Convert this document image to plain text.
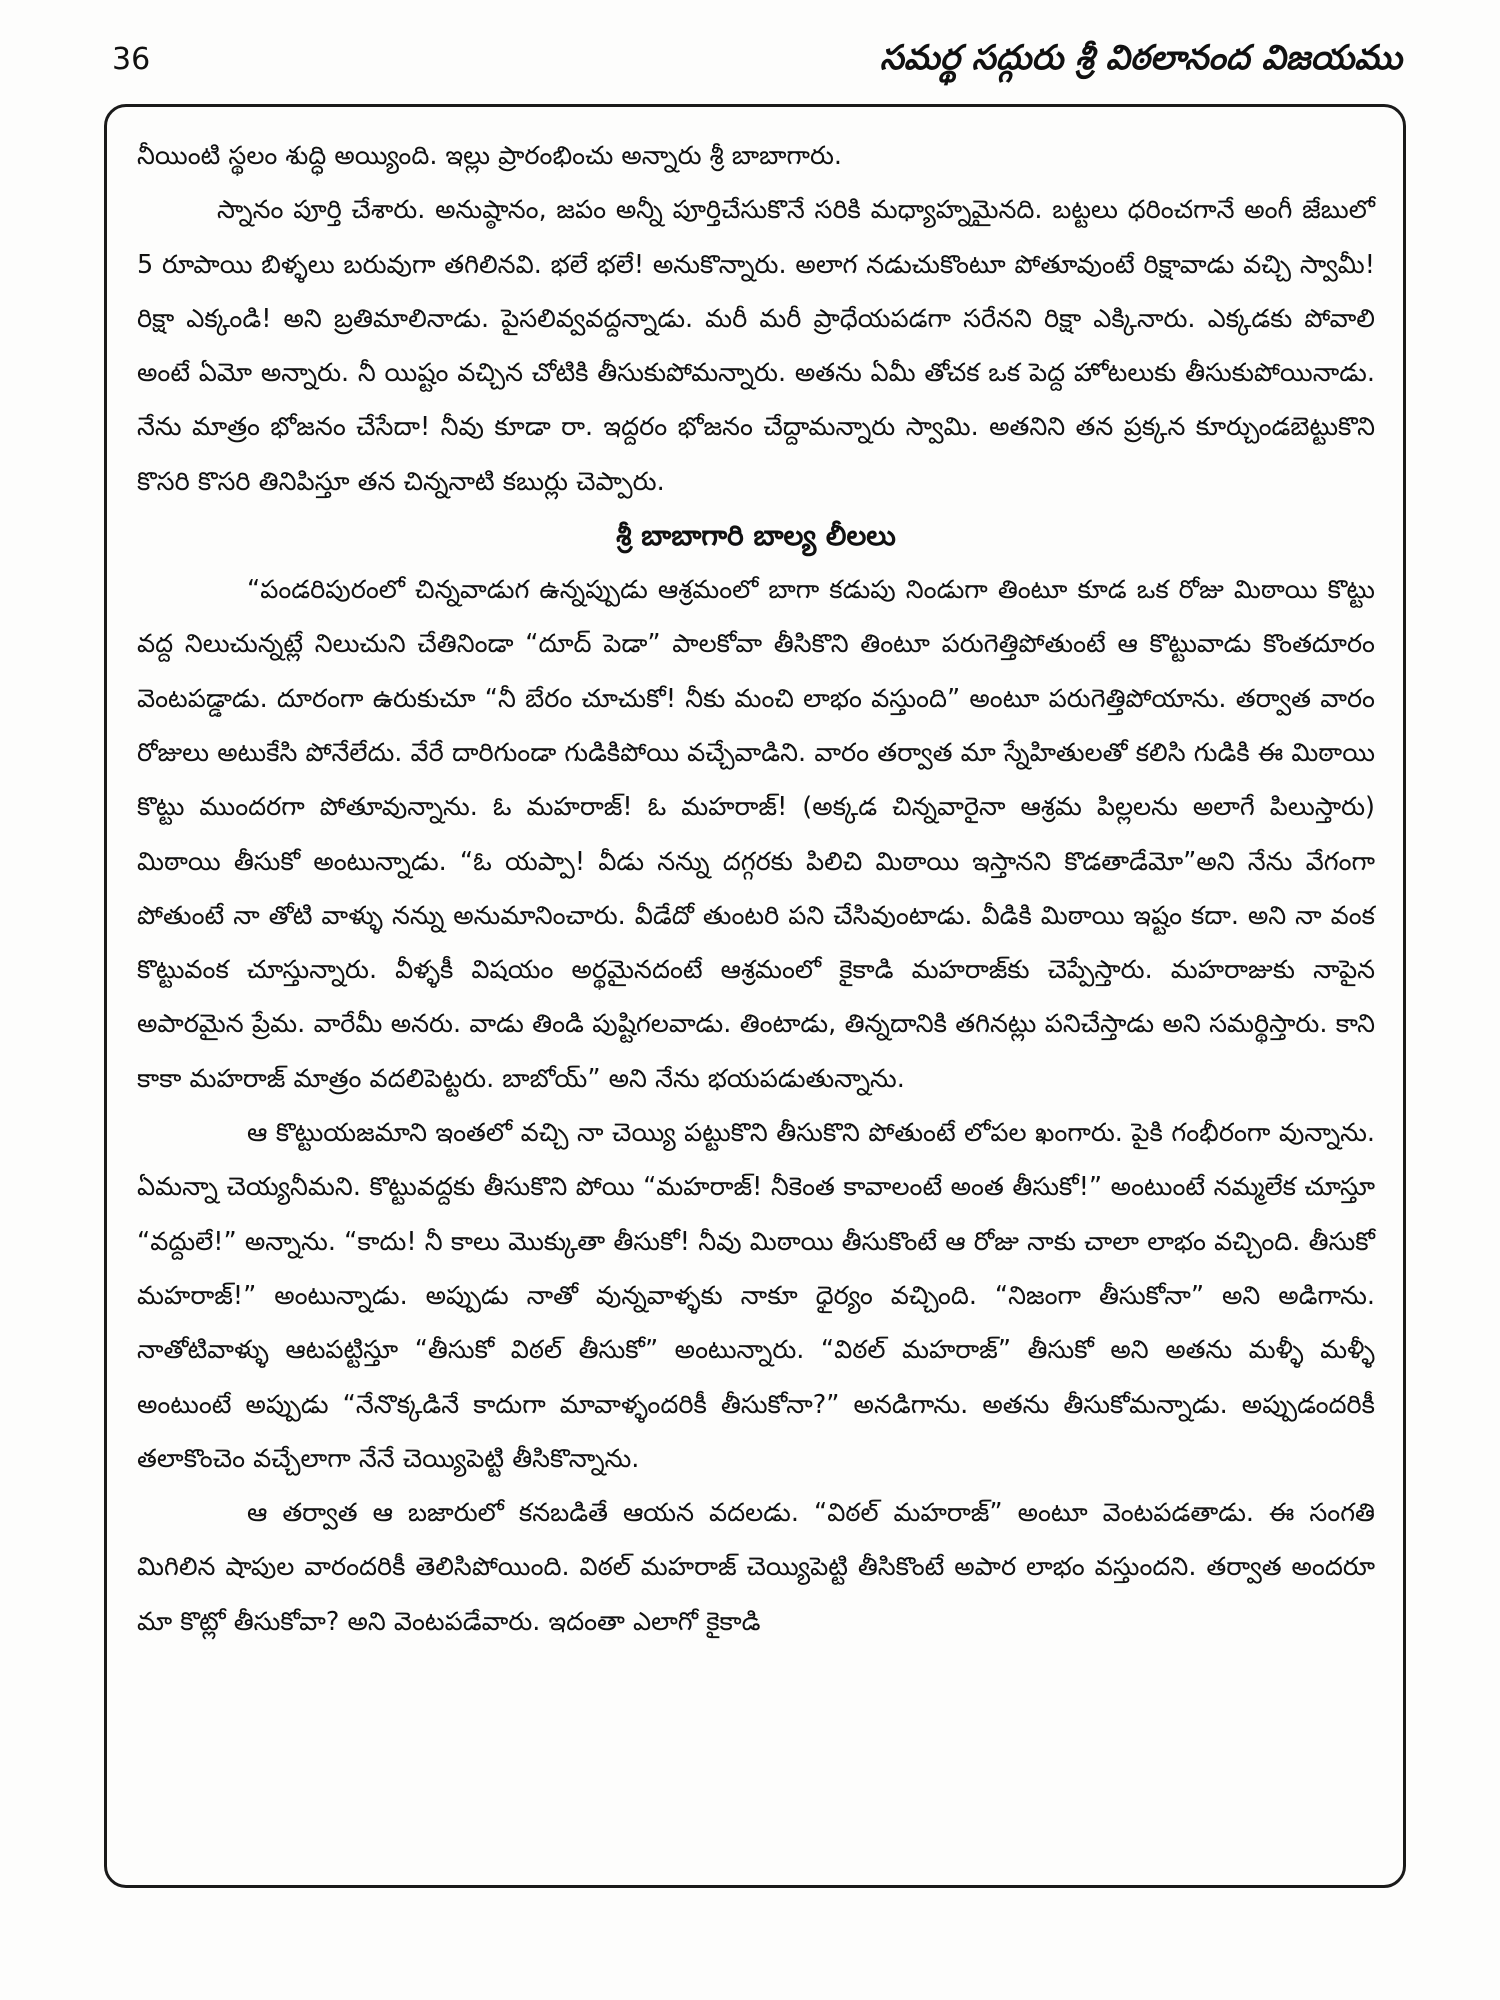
36	సమర్థ సద్గురు శ్రీ విఠలానంద విజయము

నీయింటి స్థలం శుద్ధి అయ్యింది. ఇల్లు ప్రారంభించు అన్నారు శ్రీ బాబాగారు.

స్నానం పూర్తి చేశారు. అనుష్ఠానం, జపం అన్నీ పూర్తిచేసుకొనే సరికి మధ్యాహ్నమైనది. బట్టలు ధరించగానే అంగీ జేబులో 5 రూపాయి బిళ్ళలు బరువుగా తగిలినవి. భలే భలే! అనుకొన్నారు. అలాగ నడుచుకొంటూ పోతూవుంటే రిక్షావాడు వచ్చి స్వామీ! రిక్షా ఎక్కండి! అని బ్రతిమాలినాడు. పైసలివ్వవద్దన్నాడు. మరీ మరీ ప్రాధేయపడగా సరేనని రిక్షా ఎక్కినారు. ఎక్కడకు పోవాలి అంటే ఏమో అన్నారు. నీ యిష్టం వచ్చిన చోటికి తీసుకుపోమన్నారు. అతను ఏమీ తోచక ఒక పెద్ద హోటలుకు తీసుకుపోయినాడు. నేను మాత్రం భోజనం చేసేదా! నీవు కూడా రా. ఇద్దరం భోజనం చేద్దామన్నారు స్వామి. అతనిని తన ప్రక్కన కూర్చుండబెట్టుకొని కొసరి కొసరి తినిపిస్తూ తన చిన్ననాటి కబుర్లు చెప్పారు.

శ్రీ బాబాగారి బాల్య లీలలు

“పండరిపురంలో చిన్నవాడుగ ఉన్నప్పుడు ఆశ్రమంలో బాగా కడుపు నిండుగా తింటూ కూడ ఒక రోజు మిఠాయి కొట్టు వద్ద నిలుచున్నట్లే నిలుచుని చేతినిండా “దూద్ పెడా” పాలకోవా తీసికొని తింటూ పరుగెత్తిపోతుంటే ఆ కొట్టువాడు కొంతదూరం వెంటపడ్డాడు. దూరంగా ఉరుకుచూ “నీ బేరం చూచుకో! నీకు మంచి లాభం వస్తుంది” అంటూ పరుగెత్తిపోయాను. తర్వాత వారం రోజులు అటుకేసి పోనేలేదు. వేరే దారిగుండా గుడికిపోయి వచ్చేవాడిని. వారం తర్వాత మా స్నేహితులతో కలిసి గుడికి ఈ మిఠాయి కొట్టు ముందరగా పోతూవున్నాను. ఓ మహరాజ్! ఓ మహరాజ్! (అక్కడ చిన్నవారైనా ఆశ్రమ పిల్లలను అలాగే పిలుస్తారు) మిఠాయి తీసుకో అంటున్నాడు. “ఓ యప్పా! వీడు నన్ను దగ్గరకు పిలిచి మిఠాయి ఇస్తానని కొడతాడేమో”అని నేను వేగంగా పోతుంటే నా తోటి వాళ్ళు నన్ను అనుమానించారు. వీడేదో తుంటరి పని చేసివుంటాడు. వీడికి మిఠాయి ఇష్టం కదా. అని నా వంక కొట్టువంక చూస్తున్నారు. వీళ్ళకీ విషయం అర్థమైనదంటే ఆశ్రమంలో కైకాడి మహరాజ్‌కు చెప్పేస్తారు. మహరాజుకు నాపైన అపారమైన ప్రేమ. వారేమీ అనరు. వాడు తిండి పుష్టిగలవాడు. తింటాడు, తిన్నదానికి తగినట్లు పనిచేస్తాడు అని సమర్థిస్తారు. కాని కాకా మహరాజ్ మాత్రం వదలిపెట్టరు. బాబోయ్” అని నేను భయపడుతున్నాను.

ఆ కొట్టుయజమాని ఇంతలో వచ్చి నా చెయ్యి పట్టుకొని తీసుకొని పోతుంటే లోపల ఖంగారు. పైకి గంభీరంగా వున్నాను. ఏమన్నా చెయ్యనీమని. కొట్టువద్దకు తీసుకొని పోయి “మహరాజ్! నీకెంత కావాలంటే అంత తీసుకో!” అంటుంటే నమ్మలేక చూస్తూ “వద్దులే!” అన్నాను. “కాదు! నీ కాలు మొక్కుతా తీసుకో! నీవు మిఠాయి తీసుకొంటే ఆ రోజు నాకు చాలా లాభం వచ్చింది. తీసుకో మహరాజ్!” అంటున్నాడు. అప్పుడు నాతో వున్నవాళ్ళకు నాకూ ధైర్యం వచ్చింది. “నిజంగా తీసుకోనా” అని అడిగాను. నాతోటివాళ్ళు ఆటపట్టిస్తూ “తీసుకో విఠల్ తీసుకో” అంటున్నారు. “విఠల్ మహరాజ్” తీసుకో అని అతను మళ్ళీ మళ్ళీ అంటుంటే అప్పుడు “నేనొక్కడినే కాదుగా మావాళ్ళందరికీ తీసుకోనా?” అనడిగాను. అతను తీసుకోమన్నాడు. అప్పుడందరికీ తలాకొంచెం వచ్చేలాగా నేనే చెయ్యిపెట్టి తీసికొన్నాను.

ఆ తర్వాత ఆ బజారులో కనబడితే ఆయన వదలడు. “విఠల్ మహరాజ్” అంటూ వెంటపడతాడు. ఈ సంగతి మిగిలిన షాపుల వారందరికీ తెలిసిపోయింది. విఠల్ మహరాజ్ చెయ్యిపెట్టి తీసికొంటే అపార లాభం వస్తుందని. తర్వాత అందరూ మా కొట్లో తీసుకోవా? అని వెంటపడేవారు. ఇదంతా ఎలాగో కైకాడి
